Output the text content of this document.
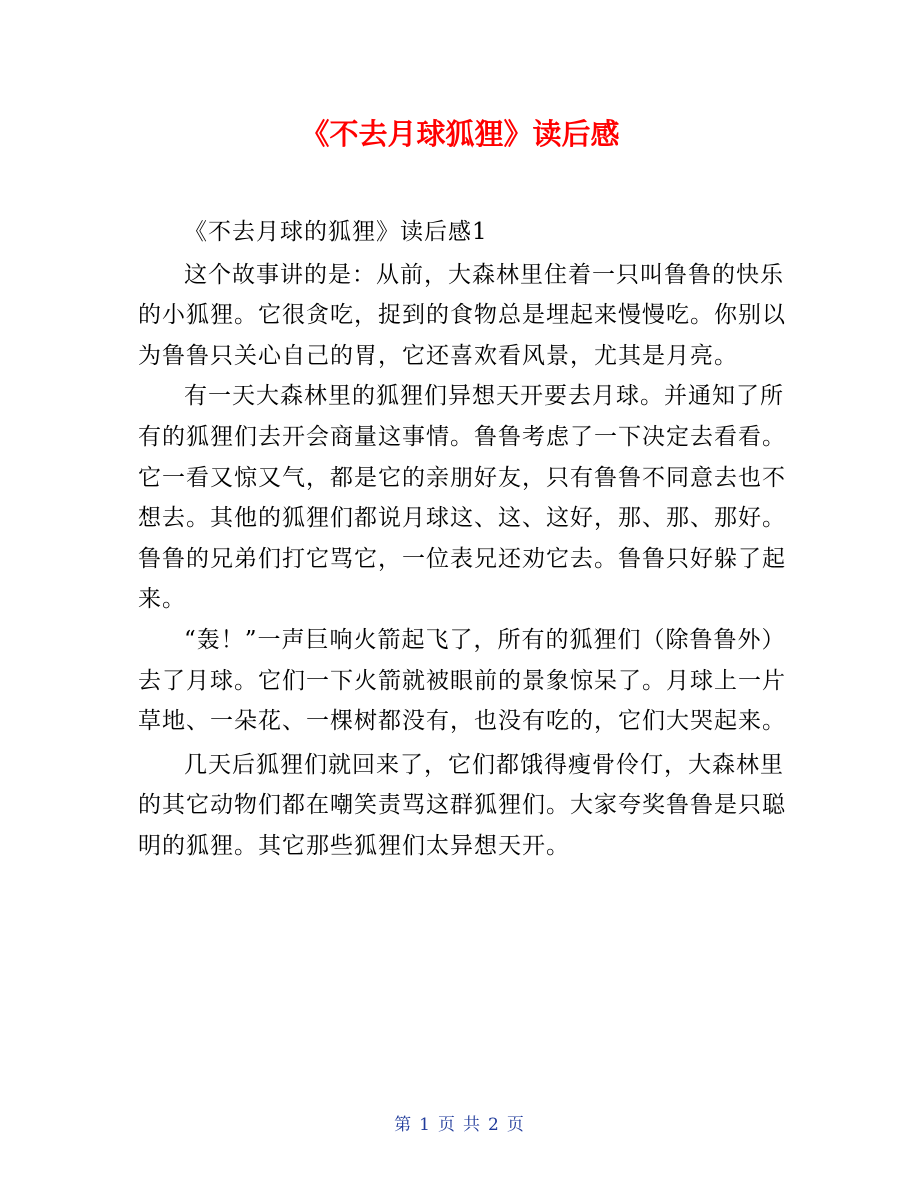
《不去月球狐狸》读后感

《不去月球的狐狸》读后感1

这个故事讲的是：从前，大森林里住着一只叫鲁鲁的快乐的小狐狸。它很贪吃，捉到的食物总是埋起来慢慢吃。你别以为鲁鲁只关心自己的胃，它还喜欢看风景，尤其是月亮。

有一天大森林里的狐狸们异想天开要去月球。并通知了所有的狐狸们去开会商量这事情。鲁鲁考虑了一下决定去看看。它一看又惊又气，都是它的亲朋好友，只有鲁鲁不同意去也不想去。其他的狐狸们都说月球这、这、这好，那、那、那好。鲁鲁的兄弟们打它骂它，一位表兄还劝它去。鲁鲁只好躲了起来。

“轰！”一声巨响火箭起飞了，所有的狐狸们（除鲁鲁外）去了月球。它们一下火箭就被眼前的景象惊呆了。月球上一片草地、一朵花、一棵树都没有，也没有吃的，它们大哭起来。

几天后狐狸们就回来了，它们都饿得瘦骨伶仃，大森林里的其它动物们都在嘲笑责骂这群狐狸们。大家夸奖鲁鲁是只聪明的狐狸。其它那些狐狸们太异想天开。

第 1 页 共 2 页
